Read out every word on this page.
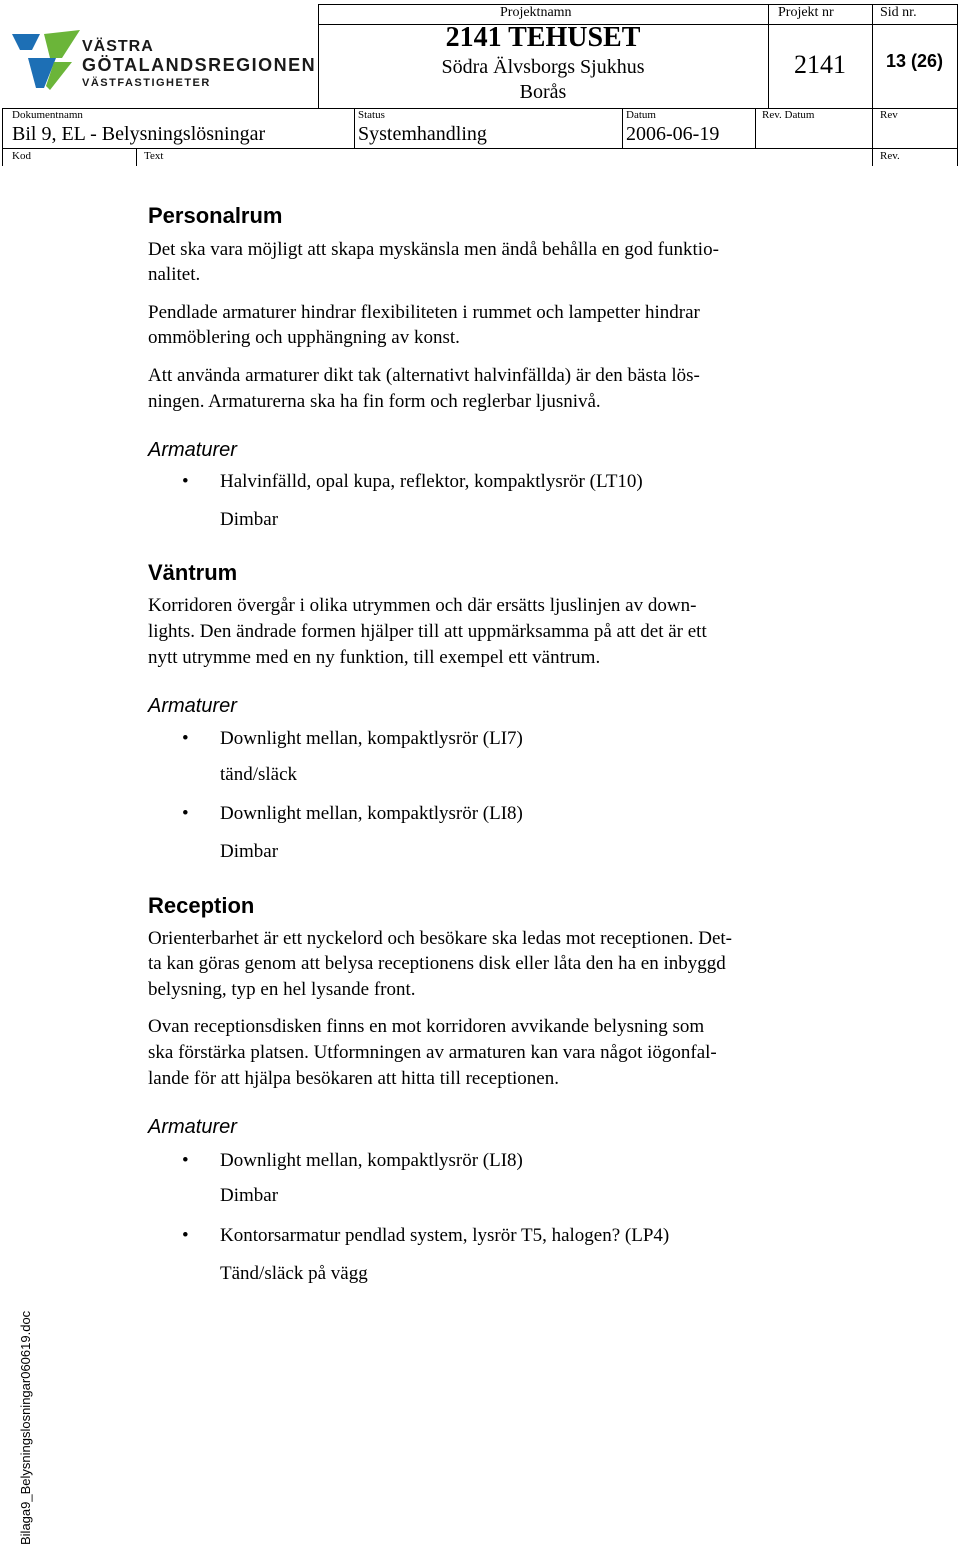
VÄSTRA
GÖTALANDSREGIONEN
VÄSTFASTIGHETER
Projektnamn	Projekt nr	Sid nr.
2141 TEHUSET
Södra Älvsborgs Sjukhus
Borås
2141	13 (26)
Dokumentnamn	Status	Datum	Rev. Datum	Rev
Bil 9, EL - Belysningslösningar	Systemhandling	2006-06-19
Kod	Text	Rev.
Personalrum
Det ska vara möjligt att skapa myskänsla men ändå behålla en god funktio-
nalitet.
Pendlade armaturer hindrar flexibiliteten i rummet och lampetter hindrar
ommöblering och upphängning av konst.
Att använda armaturer dikt tak (alternativt halvinfällda) är den bästa lös-
ningen. Armaturerna ska ha fin form och reglerbar ljusnivå.
Armaturer
• Halvinfälld, opal kupa, reflektor, kompaktlysrör (LT10)
Dimbar
Väntrum
Korridoren övergår i olika utrymmen och där ersätts ljuslinjen av down-
lights. Den ändrade formen hjälper till att uppmärksamma på att det är ett
nytt utrymme med en ny funktion, till exempel ett väntrum.
Armaturer
• Downlight mellan, kompaktlysrör (LI7)
tänd/släck
• Downlight mellan, kompaktlysrör (LI8)
Dimbar
Reception
Orienterbarhet är ett nyckelord och besökare ska ledas mot receptionen. Det-
ta kan göras genom att belysa receptionens disk eller låta den ha en inbyggd
belysning, typ en hel lysande front.
Ovan receptionsdisken finns en mot korridoren avvikande belysning som
ska förstärka platsen. Utformningen av armaturen kan vara något iögonfal-
lande för att hjälpa besökaren att hitta till receptionen.
Armaturer
• Downlight mellan, kompaktlysrör (LI8)
Dimbar
• Kontorsarmatur pendlad system, lysrör T5, halogen? (LP4)
Tänd/släck på vägg
Bilaga9_Belysningslosningar060619.doc
